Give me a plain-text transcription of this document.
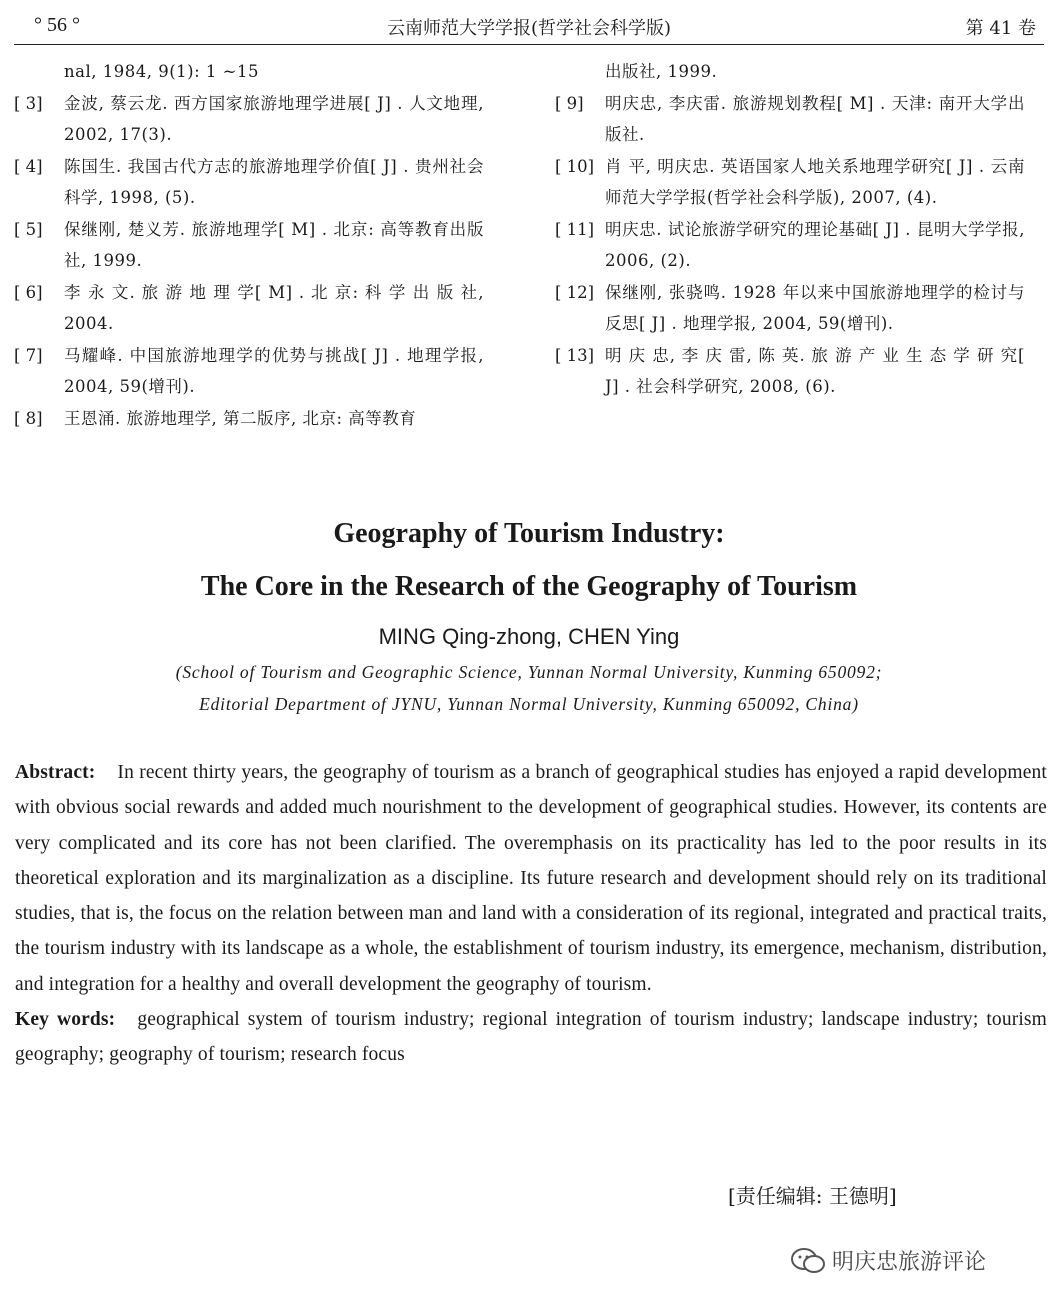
° 56 °	云南师范大学学报(哲学社会科学版)	第 41 卷
nal, 1984, 9(1): 1 ~15
[ 3]	金波, 蔡云龙. 西方国家旅游地理学进展[ J] . 人文地理, 2002, 17(3).
[ 4]	陈国生. 我国古代方志的旅游地理学价值[ J] . 贵州社会科学, 1998, (5).
[ 5]	保继刚, 楚义芳. 旅游地理学[ M] . 北京: 高等教育出版社, 1999.
[ 6]	李 永 文. 旅 游 地 理 学[ M] . 北 京: 科 学 出 版 社, 2004.
[ 7]	马耀峰. 中国旅游地理学的优势与挑战[ J] . 地理学报, 2004, 59(增刊).
[ 8]	王恩涌. 旅游地理学, 第二版序, 北京: 高等教育
出版社, 1999.
[ 9]	明庆忠, 李庆雷. 旅游规划教程[ M] . 天津: 南开大学出版社.
[ 10] 肖 平, 明庆忠. 英语国家人地关系地理学研究[ J] . 云南师范大学学报(哲学社会科学版), 2007, (4).
[ 11] 明庆忠. 试论旅游学研究的理论基础[ J] . 昆明大学学报, 2006, (2).
[ 12] 保继刚, 张骁鸣. 1928 年以来中国旅游地理学的检讨与反思[ J] . 地理学报, 2004, 59(增刊).
[ 13] 明 庆 忠, 李 庆 雷, 陈 英. 旅 游 产 业 生 态 学 研 究[ J] . 社会科学研究, 2008, (6).
Geography of Tourism Industry:
The Core in the Research of the Geography of Tourism
MING Qing-zhong, CHEN Ying
(School of Tourism and Geographic Science, Yunnan Normal University, Kunming 650092;
Editorial Department of JYNU, Yunnan Normal University, Kunming 650092, China)
Abstract: In recent thirty years, the geography of tourism as a branch of geographical studies has enjoyed a rapid development with obvious social rewards and added much nourishment to the development of geographical studies. However, its contents are very complicated and its core has not been clarified. The overemphasis on its practicality has led to the poor results in its theoretical exploration and its marginalization as a discipline. Its future research and development should rely on its traditional studies, that is, the focus on the relation between man and land with a consideration of its regional, integrated and practical traits, the tourism industry with its landscape as a whole, the establishment of tourism industry, its emergence, mechanism, distribution, and integration for a healthy and overall development the geography of tourism.
Key words: geographical system of tourism industry; regional integration of tourism industry; landscape industry; tourism geography; geography of tourism; research focus
[责任编辑: 王德明]
明庆忠旅游评论
